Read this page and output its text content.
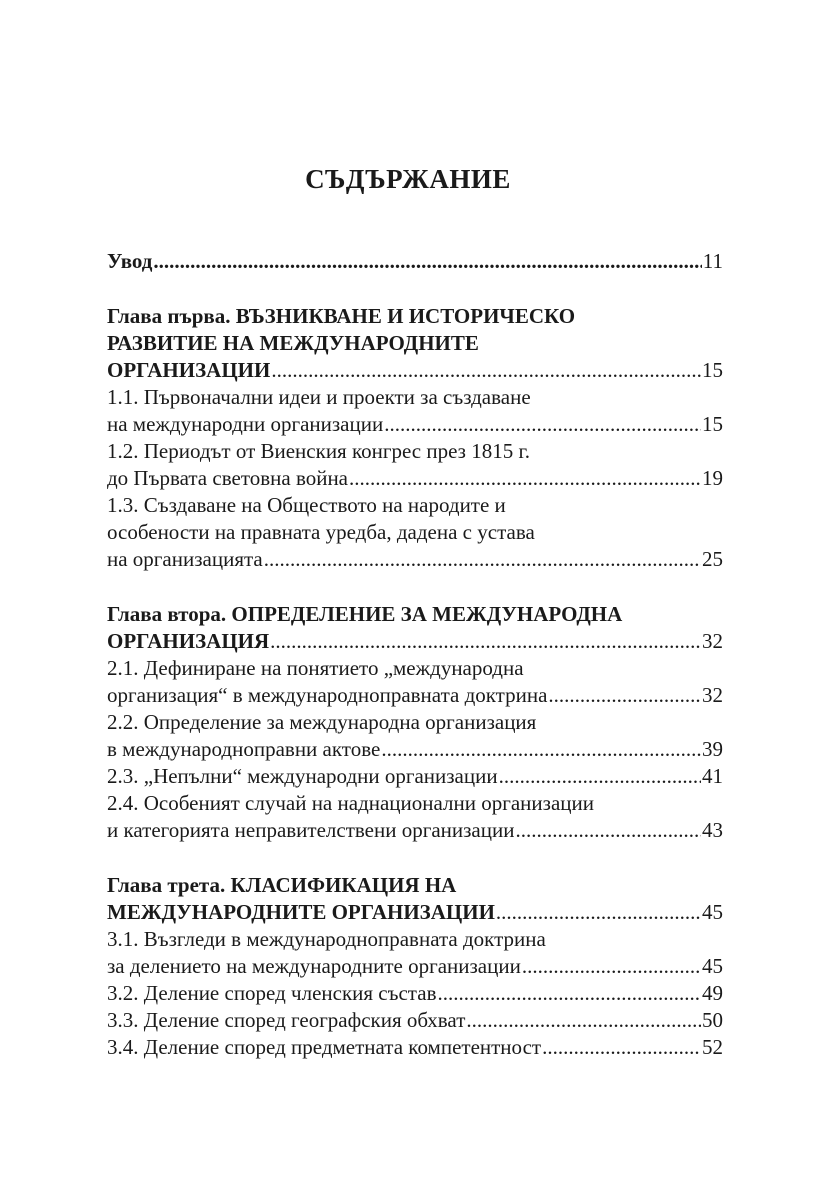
СЪДЪРЖАНИЕ
Увод .....	11
Глава първа. ВЪЗНИКВАНЕ И ИСТОРИЧЕСКО
РАЗВИТИЕ НА МЕЖДУНАРОДНИТЕ
ОРГАНИЗАЦИИ .....	15
1.1. Първоначални идеи и проекти за създаване
на международни организации .....	15
1.2. Периодът от Виенския конгрес през 1815 г.
до Първата световна война .....	19
1.3. Създаване на Обществото на народите и
особености на правната уредба, дадена с устава
на организацията .....	25
Глава втора. ОПРЕДЕЛЕНИЕ ЗА МЕЖДУНАРОДНА
ОРГАНИЗАЦИЯ .....	32
2.1. Дефиниране на понятието „международна
организация“ в международноправната доктрина .....	32
2.2. Определение за международна организация
в международноправни актове .....	39
2.3. „Непълни“ международни организации .....	41
2.4. Особеният случай на наднационални организации
и категорията неправителствени организации .....	43
Глава трета. КЛАСИФИКАЦИЯ НА
МЕЖДУНАРОДНИТЕ ОРГАНИЗАЦИИ .....	45
3.1. Възгледи в международноправната доктрина
за делението на международните организации .....	45
3.2. Деление според членския състав .....	49
3.3. Деление според географския обхват .....	50
3.4. Деление според предметната компетентност .....	52
